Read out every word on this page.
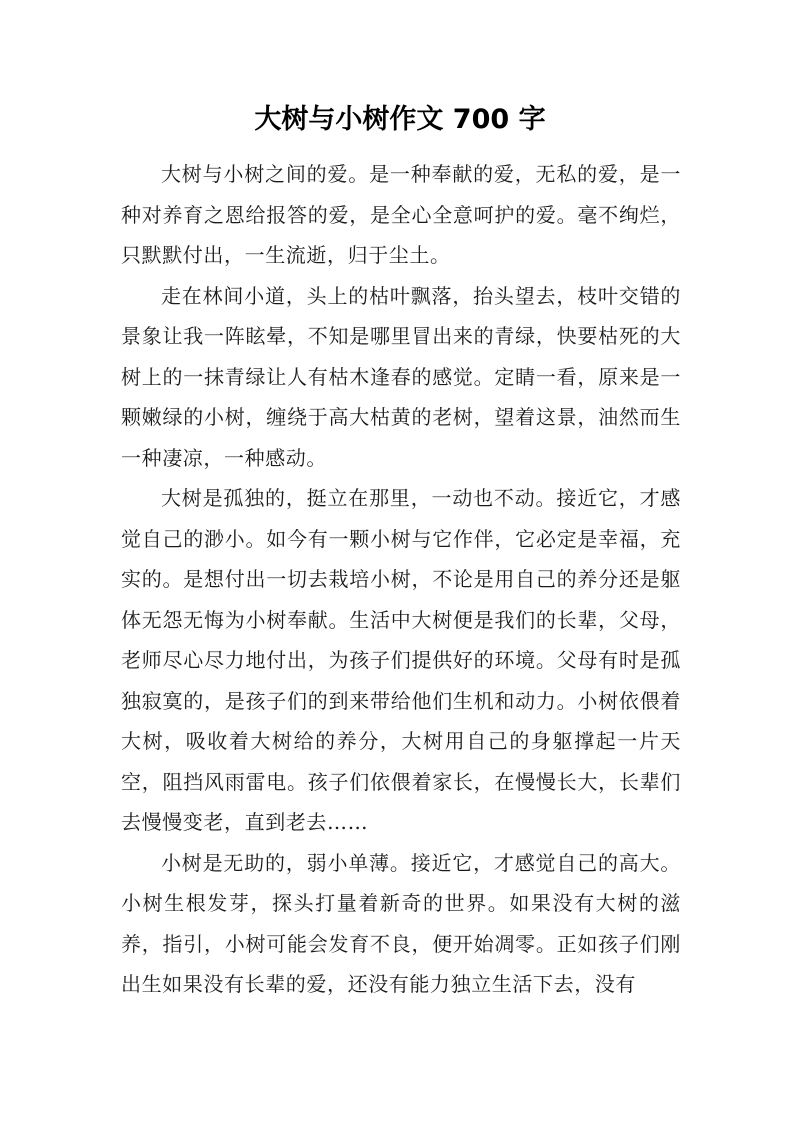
大树与小树作文 700 字

大树与小树之间的爱。是一种奉献的爱，无私的爱，是一种对养育之恩给报答的爱，是全心全意呵护的爱。毫不绚烂，只默默付出，一生流逝，归于尘土。

走在林间小道，头上的枯叶飘落，抬头望去，枝叶交错的景象让我一阵眩晕，不知是哪里冒出来的青绿，快要枯死的大树上的一抹青绿让人有枯木逢春的感觉。定睛一看，原来是一颗嫩绿的小树，缠绕于高大枯黄的老树，望着这景，油然而生一种凄凉，一种感动。

大树是孤独的，挺立在那里，一动也不动。接近它，才感觉自己的渺小。如今有一颗小树与它作伴，它必定是幸福，充实的。是想付出一切去栽培小树，不论是用自己的养分还是躯体无怨无悔为小树奉献。生活中大树便是我们的长辈，父母，老师尽心尽力地付出，为孩子们提供好的环境。父母有时是孤独寂寞的，是孩子们的到来带给他们生机和动力。小树依偎着大树，吸收着大树给的养分，大树用自己的身躯撑起一片天空，阻挡风雨雷电。孩子们依偎着家长，在慢慢长大，长辈们去慢慢变老，直到老去……

小树是无助的，弱小单薄。接近它，才感觉自己的高大。小树生根发芽，探头打量着新奇的世界。如果没有大树的滋养，指引，小树可能会发育不良，便开始凋零。正如孩子们刚出生如果没有长辈的爱，还没有能力独立生活下去，没有
